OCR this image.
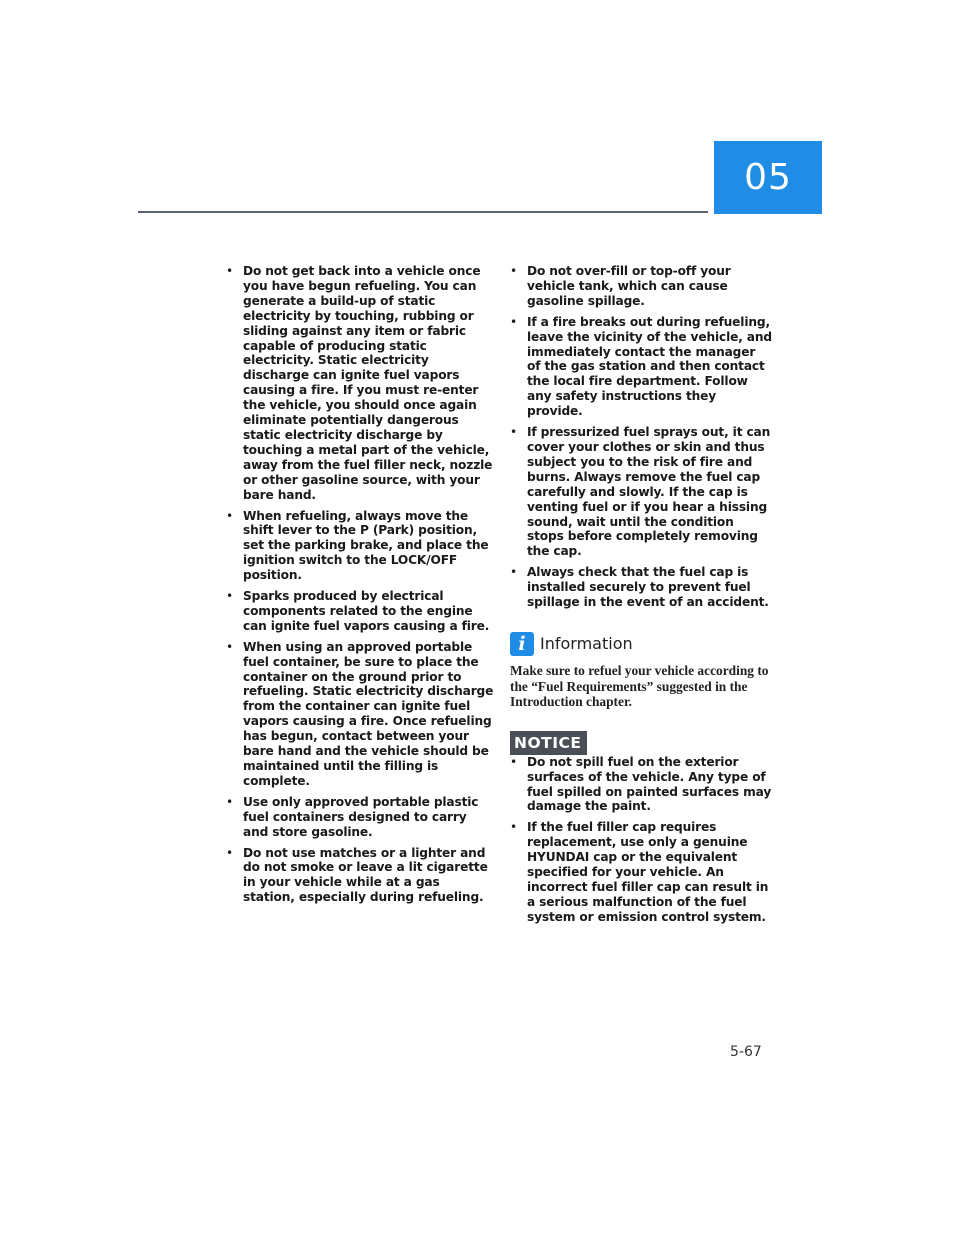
05
• Do not get back into a vehicle once you have begun refueling. You can generate a build-up of static electricity by touching, rubbing or sliding against any item or fabric capable of producing static electricity. Static electricity discharge can ignite fuel vapors causing a fire. If you must re-enter the vehicle, you should once again eliminate potentially dangerous static electricity discharge by touching a metal part of the vehicle, away from the fuel filler neck, nozzle or other gasoline source, with your bare hand.
• When refueling, always move the shift lever to the P (Park) position, set the parking brake, and place the ignition switch to the LOCK/OFF position.
• Sparks produced by electrical components related to the engine can ignite fuel vapors causing a fire.
• When using an approved portable fuel container, be sure to place the container on the ground prior to refueling. Static electricity discharge from the container can ignite fuel vapors causing a fire. Once refueling has begun, contact between your bare hand and the vehicle should be maintained until the filling is complete.
• Use only approved portable plastic fuel containers designed to carry and store gasoline.
• Do not use matches or a lighter and do not smoke or leave a lit cigarette in your vehicle while at a gas station, especially during refueling.
• Do not over-fill or top-off your vehicle tank, which can cause gasoline spillage.
• If a fire breaks out during refueling, leave the vicinity of the vehicle, and immediately contact the manager of the gas station and then contact the local fire department. Follow any safety instructions they provide.
• If pressurized fuel sprays out, it can cover your clothes or skin and thus subject you to the risk of fire and burns. Always remove the fuel cap carefully and slowly. If the cap is venting fuel or if you hear a hissing sound, wait until the condition stops before completely removing the cap.
• Always check that the fuel cap is installed securely to prevent fuel spillage in the event of an accident.
i Information
Make sure to refuel your vehicle according to the “Fuel Requirements” suggested in the Introduction chapter.
NOTICE
• Do not spill fuel on the exterior surfaces of the vehicle. Any type of fuel spilled on painted surfaces may damage the paint.
• If the fuel filler cap requires replacement, use only a genuine HYUNDAI cap or the equivalent specified for your vehicle. An incorrect fuel filler cap can result in a serious malfunction of the fuel system or emission control system.
5-67
